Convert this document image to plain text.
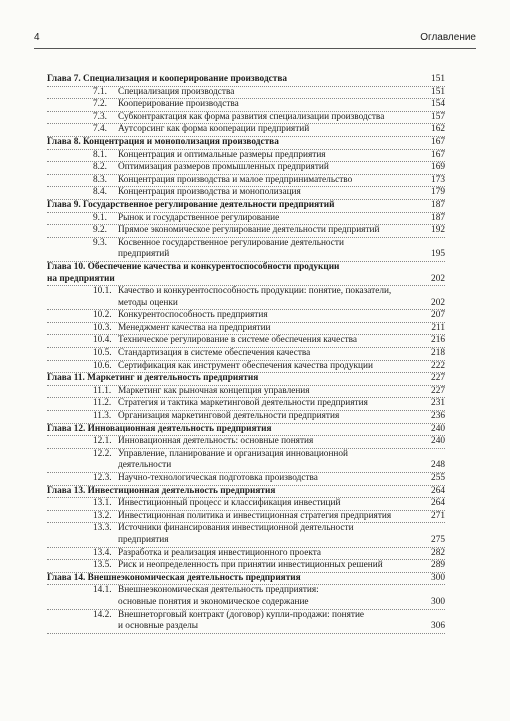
4	Оглавление
Глава 7. Специализация и кооперирование производства	151
7.1. Специализация производства	151
7.2. Кооперирование производства	154
7.3. Субконтрактация как форма развития специализации производства	157
7.4. Аутсорсинг как форма кооперации предприятий	162
Глава 8. Концентрация и монополизация производства	167
8.1. Концентрация и оптимальные размеры предприятия	167
8.2. Оптимизация размеров промышленных предприятий	169
8.3. Концентрация производства и малое предпринимательство	173
8.4. Концентрация производства и монополизация	179
Глава 9. Государственное регулирование деятельности предприятий	187
9.1. Рынок и государственное регулирование	187
9.2. Прямое экономическое регулирование деятельности предприятий	192
9.3. Косвенное государственное регулирование деятельности
предприятий	195
Глава 10. Обеспечение качества и конкурентоспособности продукции
на предприятии	202
10.1. Качество и конкурентоспособность продукции: понятие, показатели,
методы оценки	202
10.2. Конкурентоспособность предприятия	207
10.3. Менеджмент качества на предприятии	211
10.4. Техническое регулирование в системе обеспечения качества	216
10.5. Стандартизация в системе обеспечения качества	218
10.6. Сертификация как инструмент обеспечения качества продукции	222
Глава 11. Маркетинг и деятельность предприятия	227
11.1. Маркетинг как рыночная концепция управления	227
11.2. Стратегия и тактика маркетинговой деятельности предприятия	231
11.3. Организация маркетинговой деятельности предприятия	236
Глава 12. Инновационная деятельность предприятия	240
12.1. Инновационная деятельность: основные понятия	240
12.2. Управление, планирование и организация инновационной
деятельности	248
12.3. Научно-технологическая подготовка производства	255
Глава 13. Инвестиционная деятельность предприятия	264
13.1. Инвестиционный процесс и классификация инвестиций	264
13.2. Инвестиционная политика и инвестиционная стратегия предприятия	271
13.3. Источники финансирования инвестиционной деятельности
предприятия	275
13.4. Разработка и реализация инвестиционного проекта	282
13.5. Риск и неопределенность при принятии инвестиционных решений	289
Глава 14. Внешнеэкономическая деятельность предприятия	300
14.1. Внешнеэкономическая деятельность предприятия:
основные понятия и экономическое содержание	300
14.2. Внешнеторговый контракт (договор) купли-продажи: понятие
и основные разделы	306
